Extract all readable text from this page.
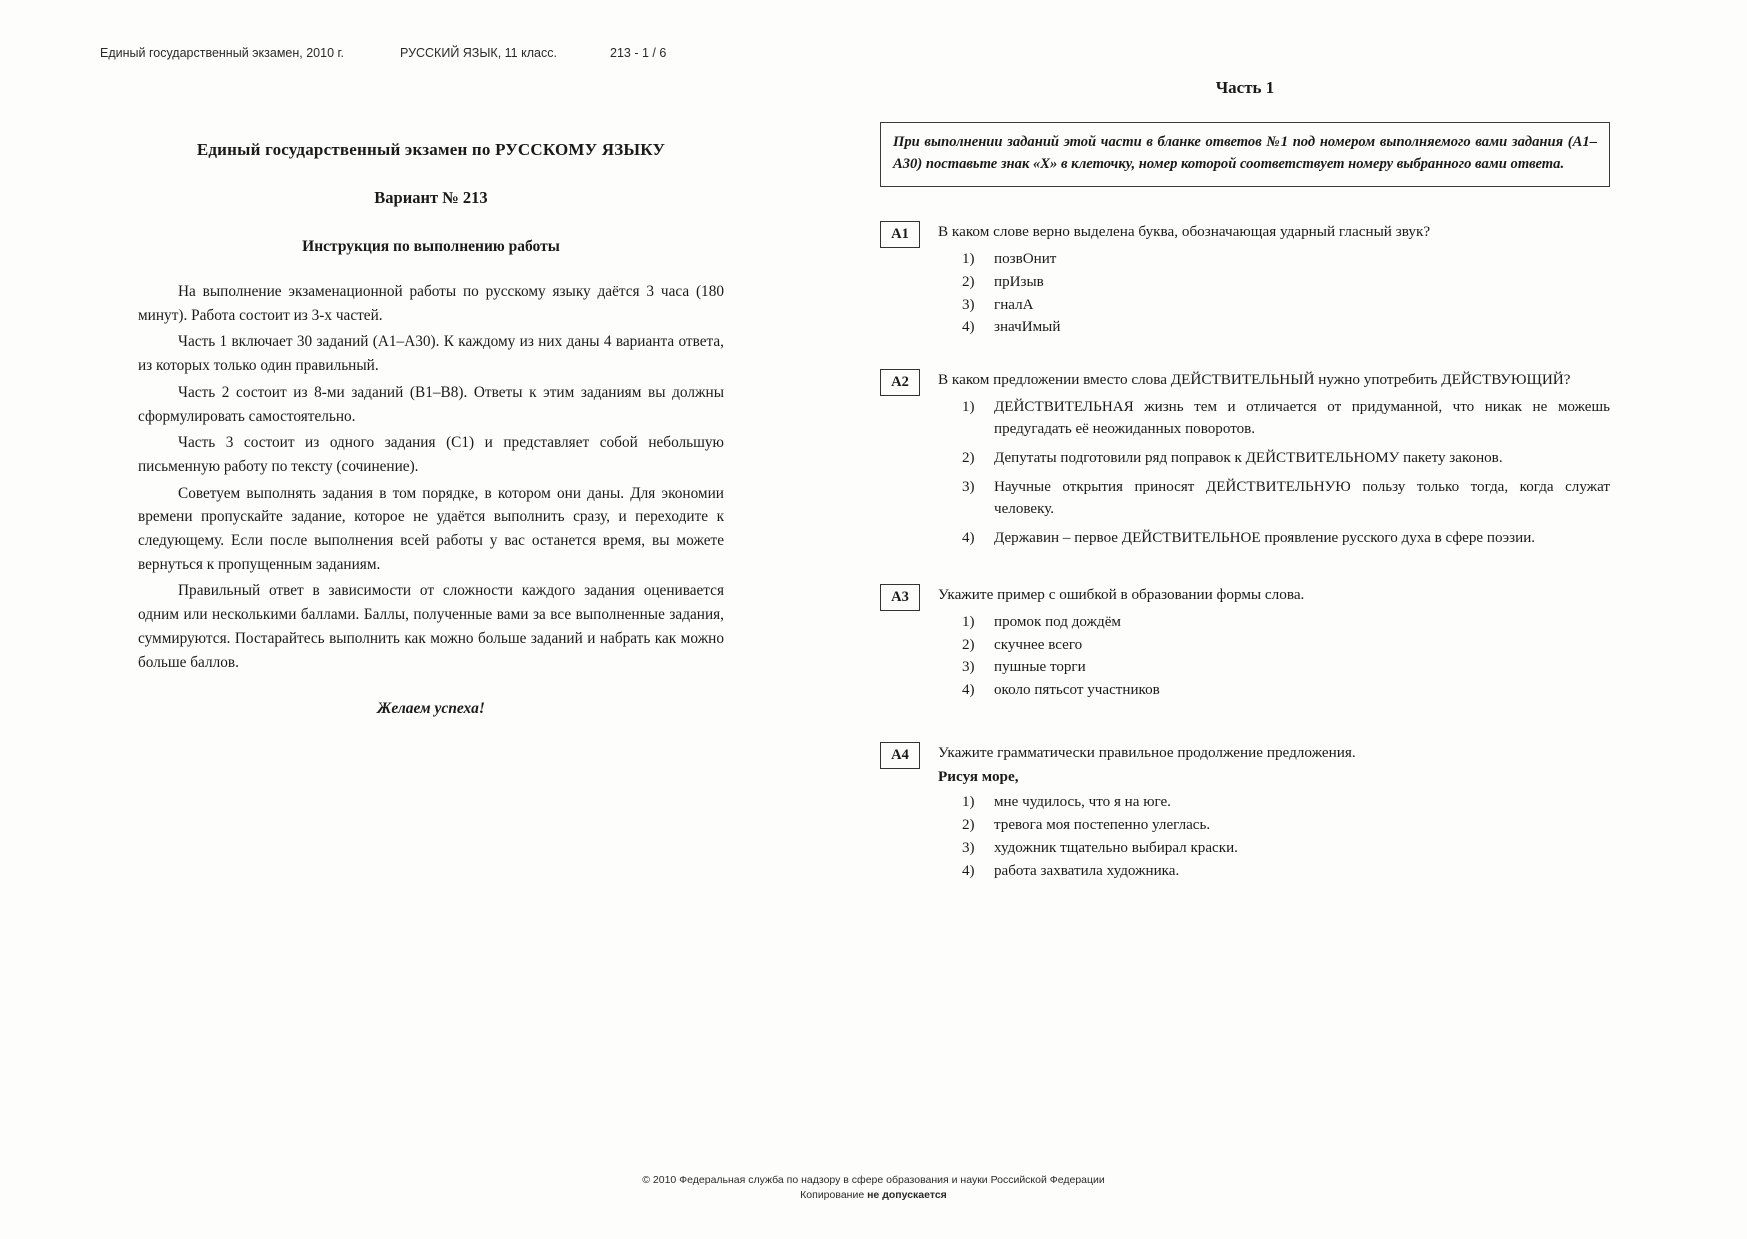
Единый государственный экзамен, 2010 г.	РУССКИЙ ЯЗЫК, 11 класс.	213 - 1 / 6
Единый государственный экзамен по РУССКОМУ ЯЗЫКУ
Вариант № 213
Инструкция по выполнению работы

На выполнение экзаменационной работы по русскому языку даётся 3 часа (180 минут). Работа состоит из 3-х частей.

Часть 1 включает 30 заданий (А1–А30). К каждому из них даны 4 варианта ответа, из которых только один правильный.

Часть 2 состоит из 8-ми заданий (В1–В8). Ответы к этим заданиям вы должны сформулировать самостоятельно.

Часть 3 состоит из одного задания (С1) и представляет собой небольшую письменную работу по тексту (сочинение).

Советуем выполнять задания в том порядке, в котором они даны. Для экономии времени пропускайте задание, которое не удаётся выполнить сразу, и переходите к следующему. Если после выполнения всей работы у вас останется время, вы можете вернуться к пропущенным заданиям.

Правильный ответ в зависимости от сложности каждого задания оценивается одним или несколькими баллами. Баллы, полученные вами за все выполненные задания, суммируются. Постарайтесь выполнить как можно больше заданий и набрать как можно больше баллов.

Желаем успеха!

Часть 1

При выполнении заданий этой части в бланке ответов №1 под номером выполняемого вами задания (А1–А30) поставьте знак «Х» в клеточку, номер которой соответствует номеру выбранного вами ответа.

А1	В каком слове верно выделена буква, обозначающая ударный гласный звук?

1)	позвОнит
2)	прИзыв
3)	гналА
4)	значИмый
А2	В каком предложении вместо слова ДЕЙСТВИТЕЛЬНЫЙ нужно употребить ДЕЙСТВУЮЩИЙ?

1)	ДЕЙСТВИТЕЛЬНАЯ жизнь тем и отличается от придуманной, что никак не можешь предугадать её неожиданных поворотов.
2)	Депутаты подготовили ряд поправок к ДЕЙСТВИТЕЛЬНОМУ пакету законов.
3)	Научные открытия приносят ДЕЙСТВИТЕЛЬНУЮ пользу только тогда, когда служат человеку.
4)	Державин – первое ДЕЙСТВИТЕЛЬНОЕ проявление русского духа в сфере поэзии.
А3	Укажите пример с ошибкой в образовании формы слова.

1)	промок под дождём
2)	скучнее всего
3)	пушные торги
4)	около пятьсот участников
А4	Укажите грамматически правильное продолжение предложения.

Рисуя море,

1)	мне чудилось, что я на юге.
2)	тревога моя постепенно улеглась.
3)	художник тщательно выбирал краски.
4)	работа захватила художника.
© 2010 Федеральная служба по надзору в сфере образования и науки Российской Федерации
Копирование не допускается
